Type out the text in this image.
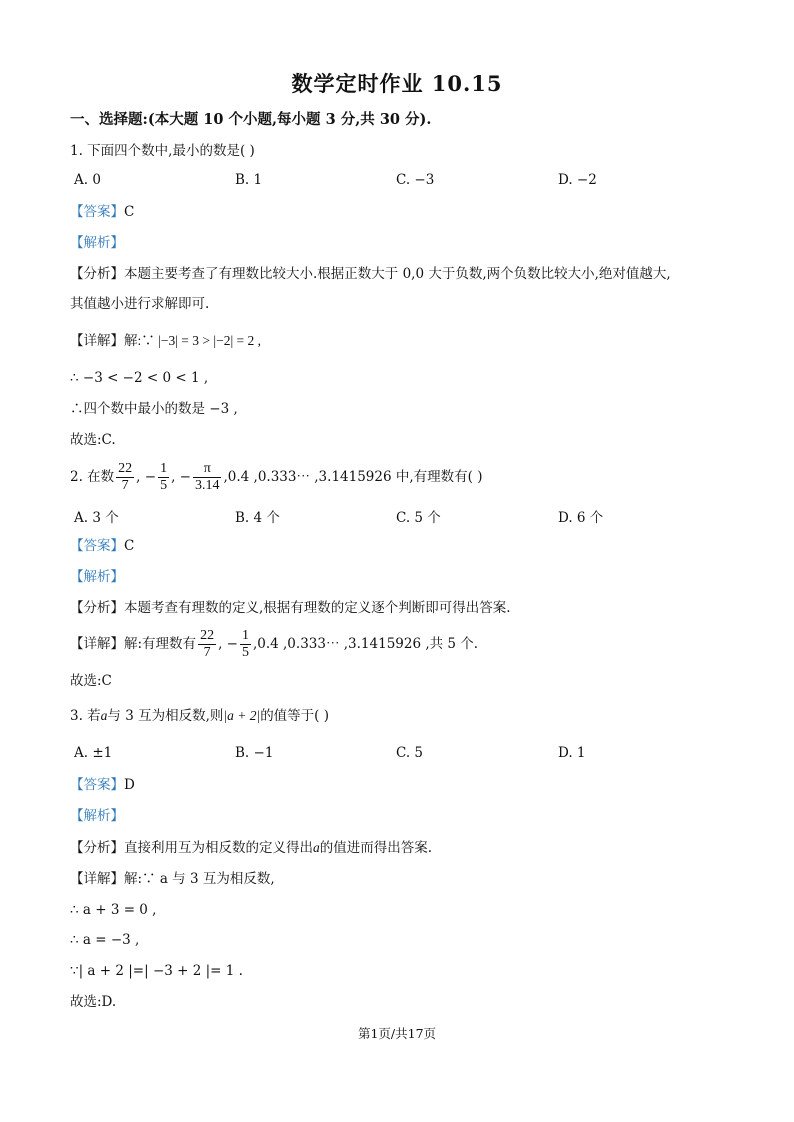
数学定时作业 10.15
一、选择题:(本大题 10 个小题,每小题 3 分,共 30 分).
1. 下面四个数中,最小的数是( )
A. 0	B. 1	C. −3	D. −2
【答案】C
【解析】
【分析】本题主要考查了有理数比较大小.根据正数大于 0,0 大于负数,两个负数比较大小,绝对值越大,
其值越小进行求解即可.
【详解】解:∵ |−3| = 3 > |−2| = 2 ,
∴ −3 < −2 < 0 < 1 ,
∴四个数中最小的数是 −3 ,
故选:C.
2. 在数 $\frac{22}{7}$ , − $\frac{1}{5}$ , − $\frac{\pi}{3.14} ,0.4$ ,0.333⋯ ,3.1415926 中,有理数有( )
A. 3 个	B. 4 个	C. 5 个	D. 6 个
【答案】C
【解析】
【分析】本题考查有理数的定义,根据有理数的定义逐个判断即可得出答案.
【详解】解:有理数有 $\frac{22}{7}$ , − $\frac{1}{5} ,0.4$ ,0.333⋯ ,3.1415926 ,共 5 个.
故选:C
3. 若a与 3 互为相反数,则|a + 2|的值等于( )
A. ±1	B. −1	C. 5	D. 1
【答案】D
【解析】
【分析】直接利用互为相反数的定义得出a的值进而得出答案.
【详解】解:∵ a 与 3 互为相反数,
∴ a + 3 = 0 ,
∴ a = −3 ,
∵| a + 2 |=| −3 + 2 |= 1 .
故选:D.
第1页/共17页
